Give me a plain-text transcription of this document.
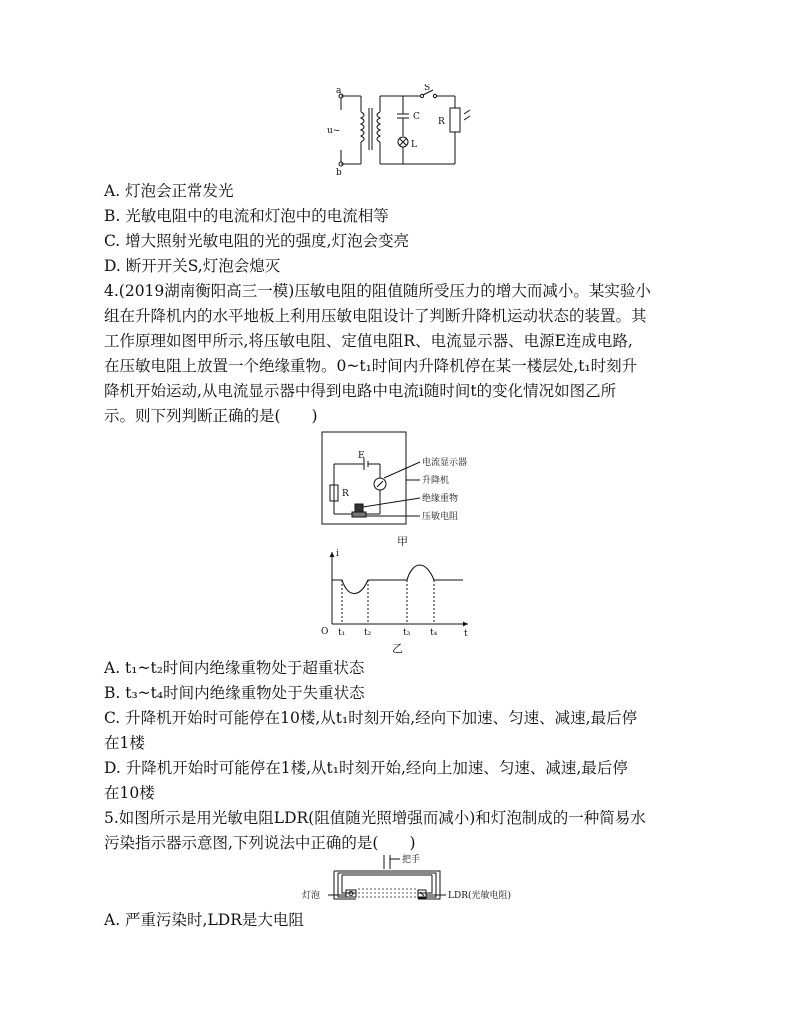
a
u~
b
S
C R
L
A. 灯泡会正常发光
B. 光敏电阻中的电流和灯泡中的电流相等
C. 增大照射光敏电阻的光的强度,灯泡会变亮
D. 断开开关S,灯泡会熄灭
4.(2019湖南衡阳高三一模)压敏电阻的阻值随所受压力的增大而减小。某实验小
组在升降机内的水平地板上利用压敏电阻设计了判断升降机运动状态的装置。其
工作原理如图甲所示,将压敏电阻、定值电阻R、电流显示器、电源E连成电路,
在压敏电阻上放置一个绝缘重物。0~t₁时间内升降机停在某一楼层处,t₁时刻升
降机开始运动,从电流显示器中得到电路中电流i随时间t的变化情况如图乙所
示。则下列判断正确的是(　　)
E
R
电流显示器
升降机
绝缘重物
压敏电阻
甲
i
t
O t₁ t₂	t₃ t₄
乙
A. t₁~t₂时间内绝缘重物处于超重状态
B. t₃~t₄时间内绝缘重物处于失重状态
C. 升降机开始时可能停在10楼,从t₁时刻开始,经向下加速、匀速、减速,最后停
在1楼
D. 升降机开始时可能停在1楼,从t₁时刻开始,经向上加速、匀速、减速,最后停
在10楼
5.如图所示是用光敏电阻LDR(阻值随光照增强而减小)和灯泡制成的一种简易水
污染指示器示意图,下列说法中正确的是(　　)
把手
灯泡	LDR(光敏电阻)
A. 严重污染时,LDR是大电阻
